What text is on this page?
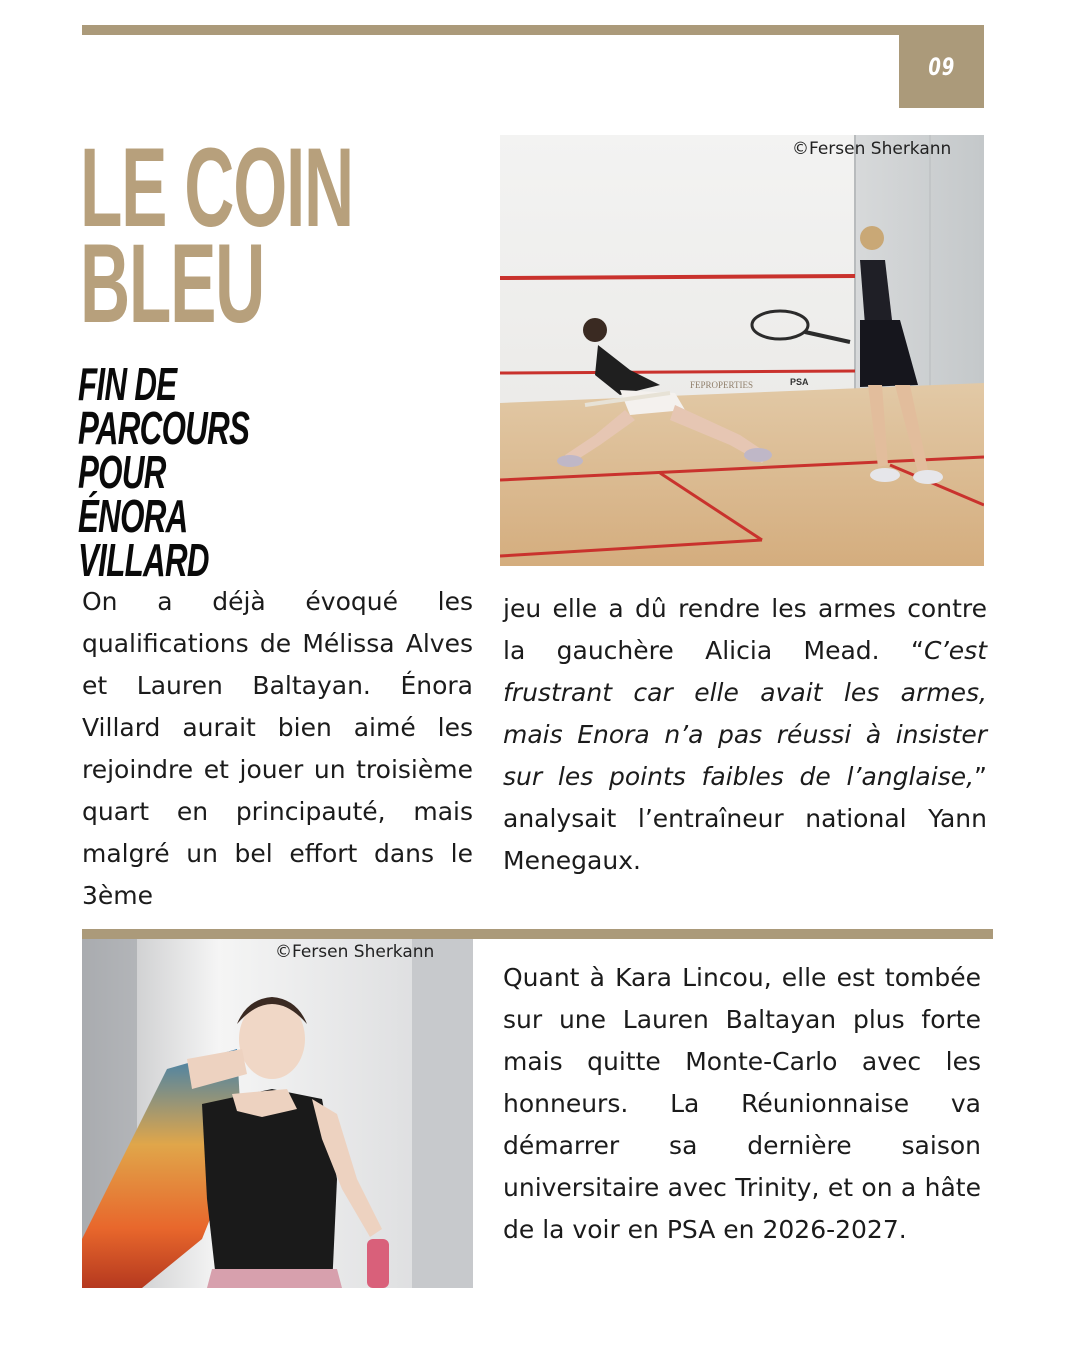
09
LE COIN BLEU
FIN DE PARCOURS POUR ÉNORA VILLARD
FEPROPERTIES	PSA
©Fersen Sherkann

On a déjà évoqué les qualifications de Mélissa Alves et Lauren Baltayan. Énora Villard aurait bien aimé les rejoindre et jouer un troisième quart en principauté, mais malgré un bel effort dans le 3ème

jeu elle a dû rendre les armes contre la gauchère Alicia Mead. “C’est frustrant car elle avait les armes, mais Enora n’a pas réussi à insister sur les points faibles de l’anglaise,” analysait l’entraîneur national Yann Menegaux.

©Fersen Sherkann

Quant à Kara Lincou, elle est tombée sur une Lauren Baltayan plus forte mais quitte Monte-Carlo avec les honneurs. La Réunionnaise va démarrer sa dernière saison universitaire avec Trinity, et on a hâte de la voir en PSA en 2026-2027.
